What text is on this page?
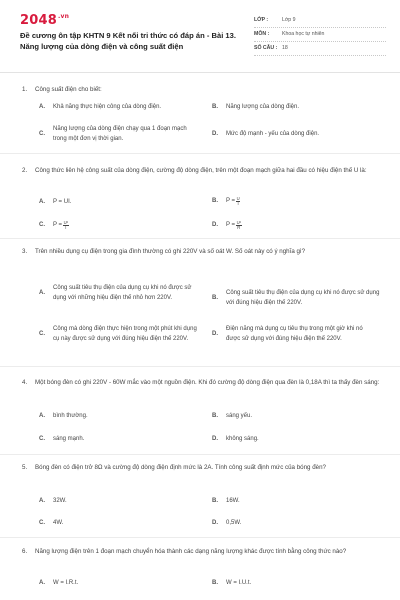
$2048^{.vn}$
Đề cương ôn tập KHTN 9 Kết nối tri thức có đáp án - Bài 13. Năng lượng của dòng điện và công suất điện
LỚP :	Lớp 9
MÔN : Khoa học tự nhiên
SỐ CÂU : 18
1. Công suất điện cho biết:
A.	Khả năng thực hiện công của dòng điện.	B.	Năng lượng của dòng điện.
C.
Năng lượng của dòng điện chạy qua 1 đoạn mạch trong một đơn vị thời gian.
D.	Mức độ mạnh - yếu của dòng điện.
2. Công thức liên hệ công suất của dòng điện, cường độ dòng điện, trên một đoạn mạch giữa hai đầu có hiệu điện thế U là:
A.	P = UI.	B.	$P = \frac{U}{I}$
C.	$P = \frac{\text{U²}}{I}$	D.	$P = \frac{\text{U²}}{R}$
3. Trên nhiều dụng cụ điện trong gia đình thường có ghi 220V và số oát W. Số oát này có ý nghĩa gì?
A.
Công suất tiêu thụ điện của dụng cụ khi nó được sử dụng với những hiệu điện thế nhỏ hơn 220V.	B.
Công suất tiêu thụ điện của dụng cụ khi nó được sử dụng với đúng hiệu điện thế 220V.
C.
Công mà dòng điện thực hiện trong một phút khi dụng cụ này được sử dụng với đúng hiệu điện thế 220V.
D.
Điện năng mà dụng cụ tiêu thụ trong một giờ khi nó được sử dụng với đúng hiệu điện thế 220V.
4. Một bóng đèn có ghi 220V - 60W mắc vào một nguồn điện. Khi đó cường độ dòng điện qua đèn là 0,18A thì ta thấy đèn sáng:
A.	bình thường.	B.	sáng yếu.
C.	sáng mạnh.	D.	không sáng.
5. Bóng đèn có điện trở 8Ω và cường độ dòng điện định mức là 2A. Tính công suất định mức của bóng đèn?
A.	32W.	B.	16W.
C.	4W.	D.	0,5W.
6. Năng lượng điện trên 1 đoạn mạch chuyển hóa thành các dạng năng lượng khác được tính bằng công thức nào?
A.	W = I.R.t.	B.	W = I.U.t.
